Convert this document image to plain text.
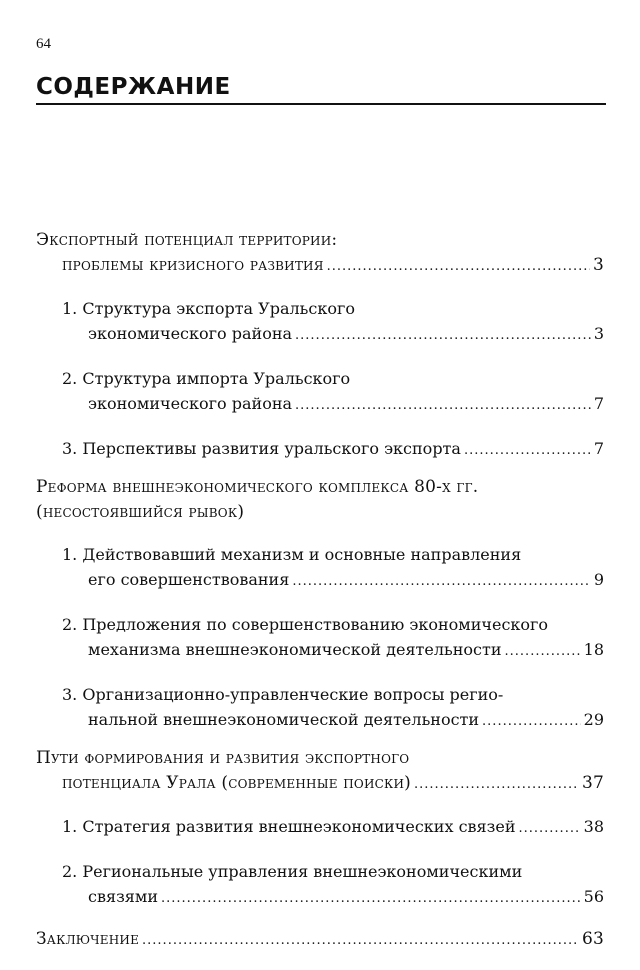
64
СОДЕРЖАНИЕ
Экспортный потенциал территории:
проблемы кризисного развития .....	3
1. Структура экспорта Уральского
экономического района .....	3
2. Структура импорта Уральского
экономического района .....	7
3. Перспективы развития уральского экспорта .....	7
Реформа внешнеэкономического комплекса 80-х гг.
(несостоявшийся рывок)
1. Действовавший механизм и основные направления
его совершенствования .....	9
2. Предложения по совершенствованию экономического
механизма внешнеэкономической деятельности .....	18
3. Организационно-управленческие вопросы регио-
нальной внешнеэкономической деятельности .....	29
Пути формирования и развития экспортного
потенциала Урала (современные поиски) .....	37
1. Стратегия развития внешнеэкономических связей .....	38
2. Региональные управления внешнеэкономическими
связями .....	56
Заключение .....	63
